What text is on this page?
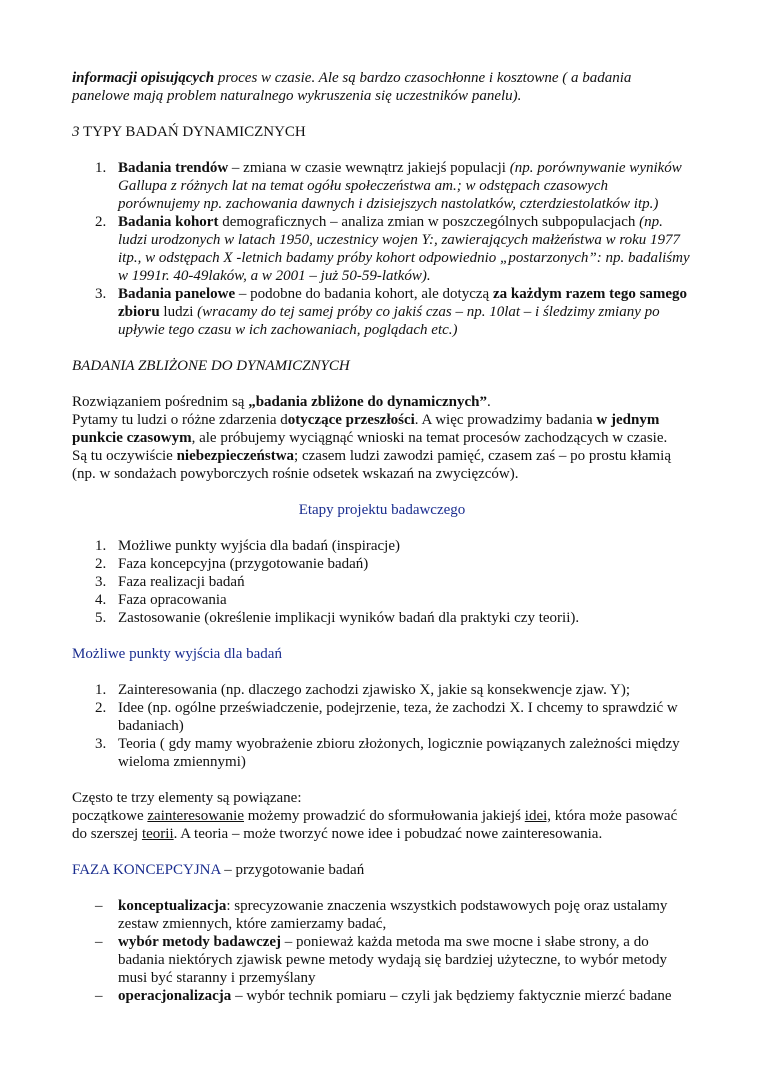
informacji opisujących proces w czasie. Ale są bardzo czasochłonne i kosztowne ( a badania panelowe mają problem naturalnego wykruszenia się uczestników panelu).

3 TYPY BADAŃ DYNAMICZNYCH

1. Badania trendów – zmiana w czasie wewnątrz jakiejś populacji (np. porównywanie wyników Gallupa z różnych lat na temat ogółu społeczeństwa am.; w odstępach czasowych porównujemy np. zachowania dawnych i dzisiejszych nastolatków, czterdziestolatków itp.)
2. Badania kohort demograficznych – analiza zmian w poszczególnych subpopulacjach (np. ludzi urodzonych w latach 1950, uczestnicy wojen Y:, zawierających małżeństwa w roku 1977 itp., w odstępach X -letnich badamy próby kohort odpowiednio „postarzonych”: np. badaliśmy w 1991r. 40-49laków, a w 2001 – już 50-59-latków).
3. Badania panelowe – podobne do badania kohort, ale dotyczą za każdym razem tego samego zbioru ludzi (wracamy do tej samej próby co jakiś czas – np. 10lat – i śledzimy zmiany po upływie tego czasu w ich zachowaniach, poglądach etc.)

BADANIA ZBLIŻONE DO DYNAMICZNYCH

Rozwiązaniem pośrednim są „badania zbliżone do dynamicznych”.

Pytamy tu ludzi o różne zdarzenia dotyczące przeszłości. A więc prowadzimy badania w jednym punkcie czasowym, ale próbujemy wyciągnąć wnioski na temat procesów zachodzących w czasie.

Są tu oczywiście niebezpieczeństwa; czasem ludzi zawodzi pamięć, czasem zaś – po prostu kłamią (np. w sondażach powyborczych rośnie odsetek wskazań na zwycięzców).

Etapy projektu badawczego

1. Możliwe punkty wyjścia dla badań (inspiracje)
2. Faza koncepcyjna (przygotowanie badań)
3. Faza realizacji badań
4. Faza opracowania
5. Zastosowanie (określenie implikacji wyników badań dla praktyki czy teorii).

Możliwe punkty wyjścia dla badań

1. Zainteresowania (np. dlaczego zachodzi zjawisko X, jakie są konsekwencje zjaw. Y);
2. Idee (np. ogólne przeświadczenie, podejrzenie, teza, że zachodzi X. I chcemy to sprawdzić w badaniach)
3. Teoria ( gdy mamy wyobrażenie zbioru złożonych, logicznie powiązanych zależności między wieloma zmiennymi)

Często te trzy elementy są powiązane:

początkowe zainteresowanie możemy prowadzić do sformułowania jakiejś idei, która może pasować do szerszej teorii. A teoria – może tworzyć nowe idee i pobudzać nowe zainteresowania.

FAZA KONCEPCYJNA – przygotowanie badań

– konceptualizacja: sprecyzowanie znaczenia wszystkich podstawowych poję oraz ustalamy zestaw zmiennych, które zamierzamy badać,
– wybór metody badawczej – ponieważ każda metoda ma swe mocne i słabe strony, a do badania niektórych zjawisk pewne metody wydają się bardziej użyteczne, to wybór metody musi być staranny i przemyślany
– operacjonalizacja – wybór technik pomiaru – czyli jak będziemy faktycznie mierzć badane
